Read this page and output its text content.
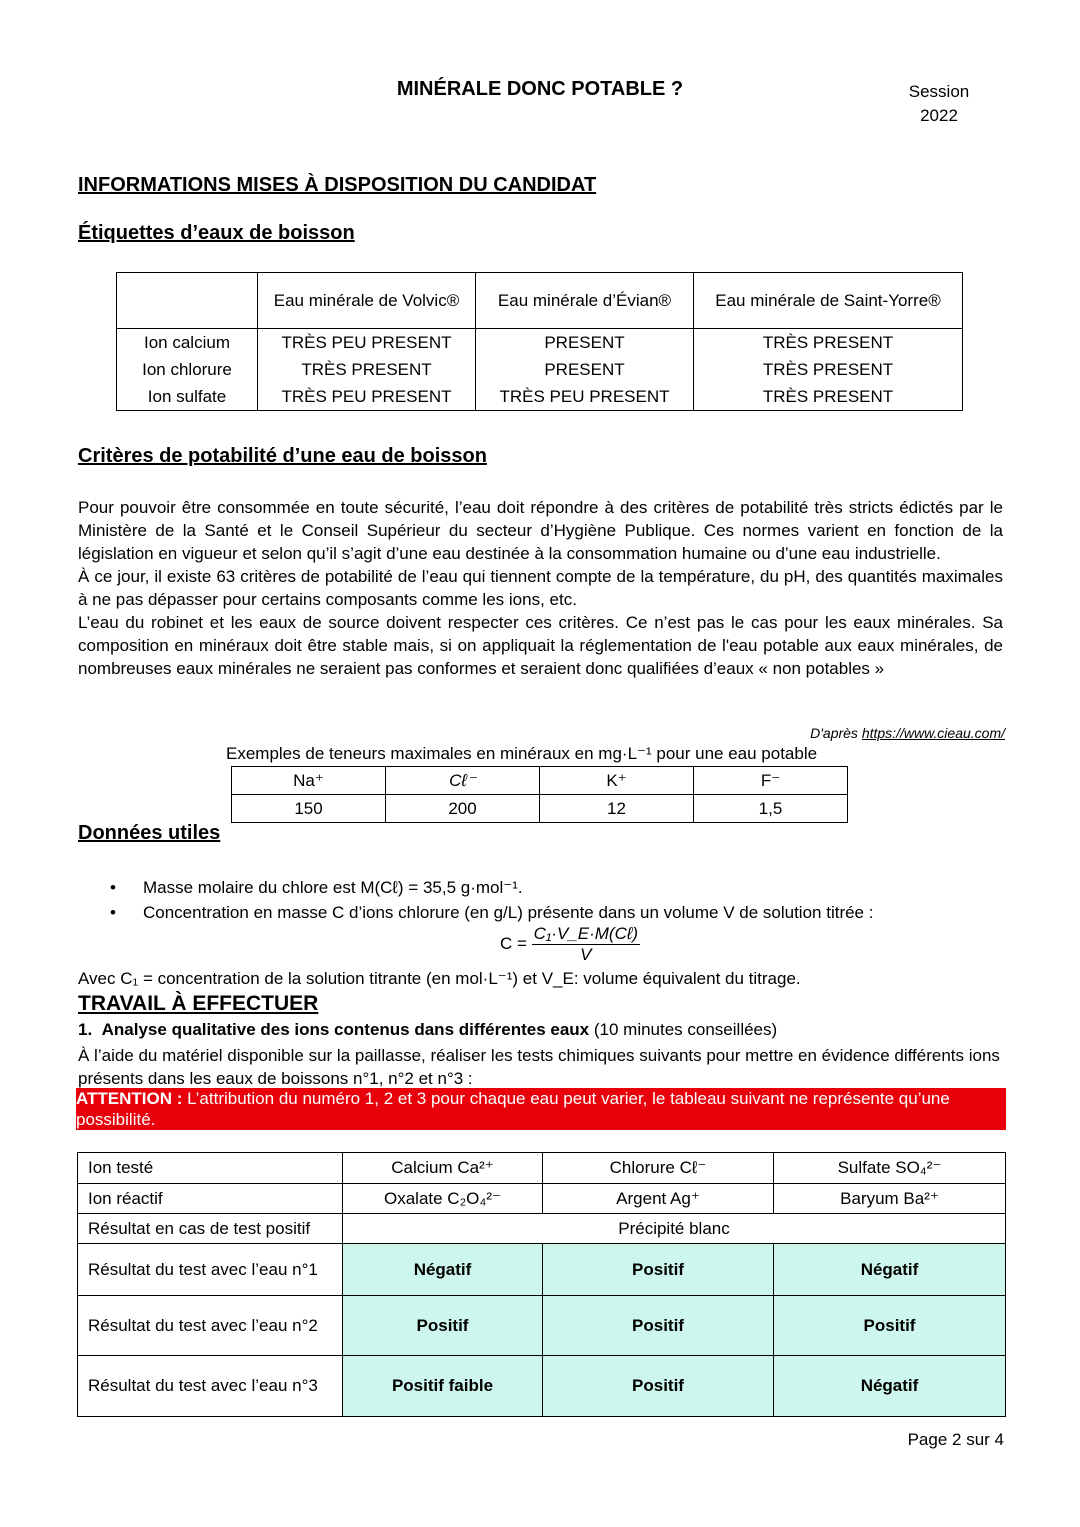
MINÉRALE DONC POTABLE ?	Session
2022
INFORMATIONS MISES À DISPOSITION DU CANDIDAT
Étiquettes d’eaux de boisson
	Eau minérale de Volvic®	Eau minérale d’Évian®	Eau minérale de Saint-Yorre®
Ion calcium	TRÈS PEU PRESENT	PRESENT	TRÈS PRESENT
Ion chlorure	TRÈS PRESENT	PRESENT	TRÈS PRESENT
Ion sulfate	TRÈS PEU PRESENT	TRÈS PEU PRESENT	TRÈS PRESENT
Critères de potabilité d’une eau de boisson

Pour pouvoir être consommée en toute sécurité, l’eau doit répondre à des critères de potabilité très stricts édictés par le Ministère de la Santé et le Conseil Supérieur du secteur d’Hygiène Publique. Ces normes varient en fonction de la législation en vigueur et selon qu’il s’agit d’une eau destinée à la consommation humaine ou d’une eau industrielle.

À ce jour, il existe 63 critères de potabilité de l’eau qui tiennent compte de la température, du pH, des quantités maximales à ne pas dépasser pour certains composants comme les ions, etc.

L’eau du robinet et les eaux de source doivent respecter ces critères. Ce n’est pas le cas pour les eaux minérales. Sa composition en minéraux doit être stable mais, si on appliquait la réglementation de l'eau potable aux eaux minérales, de nombreuses eaux minérales ne seraient pas conformes et seraient donc qualifiées d’eaux « non potables »

D'après https://www.cieau.com/
Exemples de teneurs maximales en minéraux en mg·L⁻¹ pour une eau potable
Na⁺	Cℓ⁻	K⁺	F⁻
150	200	12	1,5
Données utiles
• Masse molaire du chlore est M(Cℓ) = 35,5 g·mol⁻¹.
• Concentration en masse C d’ions chlorure (en g/L) présente dans un volume V de solution titrée :
$C = \frac{\text{C₁·V\_E·M(Cℓ)}}{V}$
Avec C₁ = concentration de la solution titrante (en mol·L⁻¹) et V_E: volume équivalent du titrage.
TRAVAIL À EFFECTUER
1. Analyse qualitative des ions contenus dans différentes eaux (10 minutes conseillées)
À l’aide du matériel disponible sur la paillasse, réaliser les tests chimiques suivants pour mettre en évidence différents ions présents dans les eaux de boissons n°1, n°2 et n°3 :
ATTENTION : L’attribution du numéro 1, 2 et 3 pour chaque eau peut varier, le tableau suivant ne représente qu’une possibilité.
Ion testé	Calcium Ca²⁺	Chlorure Cℓ⁻	Sulfate SO₄²⁻
Ion réactif	Oxalate C₂O₄²⁻	Argent Ag⁺	Baryum Ba²⁺
Résultat en cas de test positif	Précipité blanc		
Résultat du test avec l’eau n°1	Négatif	Positif	Négatif
Résultat du test avec l’eau n°2	Positif	Positif	Positif
Résultat du test avec l’eau n°3	Positif faible	Positif	Négatif
Page 2 sur 4
